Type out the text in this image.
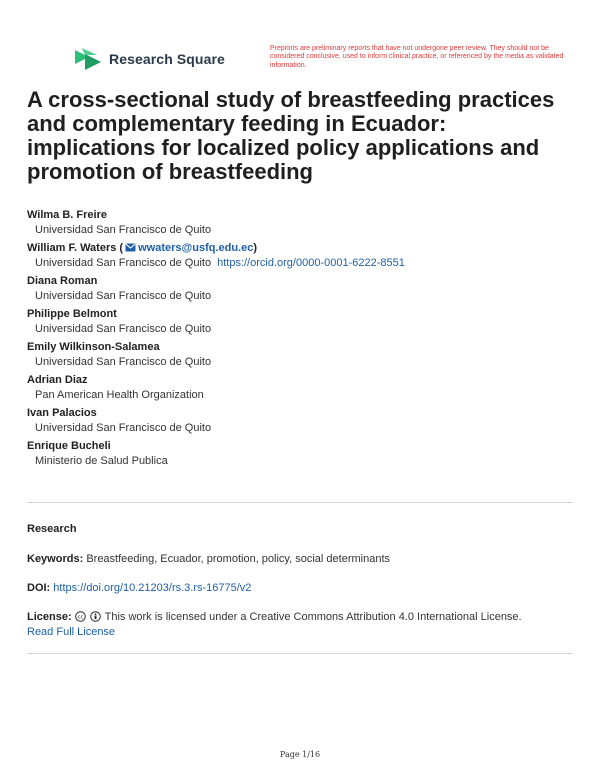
Research Square
Preprints are preliminary reports that have not undergone peer review. They should not be considered conclusive, used to inform clinical practice, or referenced by the media as validated information.
A cross-sectional study of breastfeeding practices and complementary feeding in Ecuador: implications for localized policy applications and promotion of breastfeeding
Wilma B. Freire
Universidad San Francisco de Quito
William F. Waters ( wwaters@usfq.edu.ec)
Universidad San Francisco de Quito https://orcid.org/0000-0001-6222-8551
Diana Roman
Universidad San Francisco de Quito
Philippe Belmont
Universidad San Francisco de Quito
Emily Wilkinson-Salamea
Universidad San Francisco de Quito
Adrian Diaz
Pan American Health Organization
Ivan Palacios
Universidad San Francisco de Quito
Enrique Bucheli
Ministerio de Salud Publica
Research
Keywords: Breastfeeding, Ecuador, promotion, policy, social determinants
DOI: https://doi.org/10.21203/rs.3.rs-16775/v2
License: cc This work is licensed under a Creative Commons Attribution 4.0 International License.
Read Full License
Page 1/16
